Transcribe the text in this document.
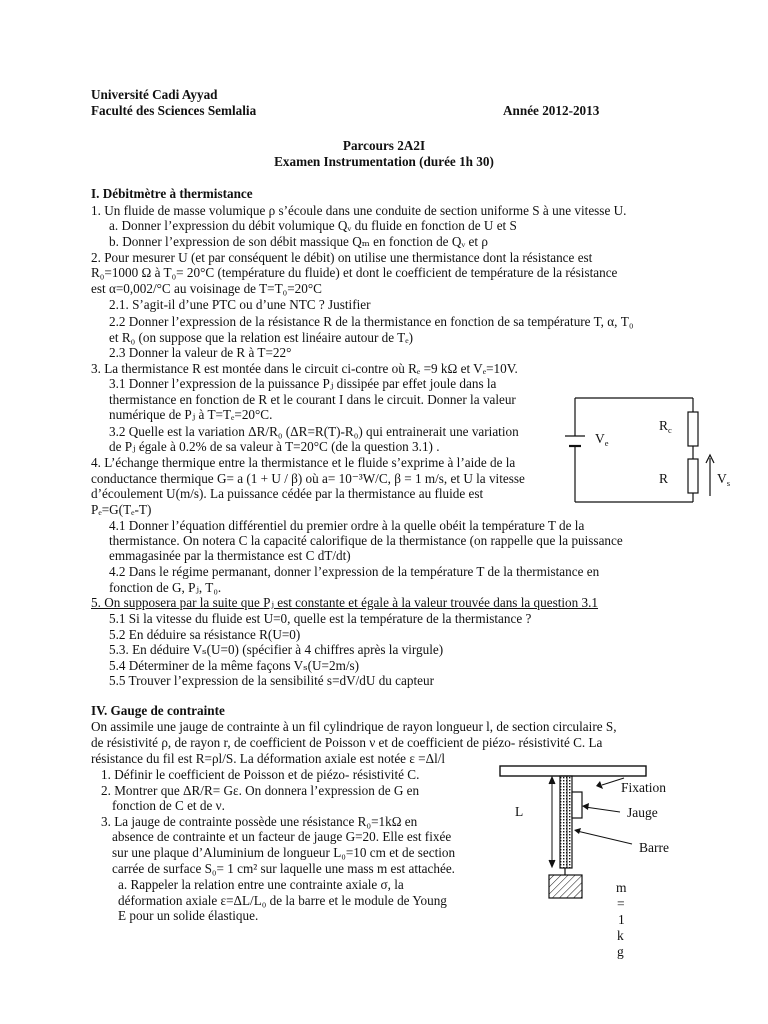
Université Cadi Ayyad
Faculté des Sciences Semlalia	Année 2012-2013
Parcours 2A2I
Examen Instrumentation (durée 1h 30)
I. Débitmètre à thermistance
1. Un fluide de masse volumique ρ s’écoule dans une conduite de section uniforme S à une vitesse U.
a. Donner l’expression du débit volumique Qᵥ du fluide en fonction de U et S
b. Donner l’expression de son débit massique Qₘ en fonction de Qᵥ et ρ
2. Pour mesurer U (et par conséquent le débit) on utilise une thermistance dont la résistance est
R₀=1000 Ω à T₀= 20°C (température du fluide) et dont le coefficient de température de la résistance
est α=0,002/°C au voisinage de T=T₀=20°C
2.1. S’agit-il d’une PTC ou d’une NTC ? Justifier
2.2 Donner l’expression de la résistance R de la thermistance en fonction de sa température T, α, T₀
et R₀ (on suppose que la relation est linéaire autour de Tₑ)
2.3 Donner la valeur de R à T=22°
3. La thermistance R est montée dans le circuit ci-contre où Rₑ =9 kΩ et Vₑ=10V.
3.1 Donner l’expression de la puissance Pⱼ dissipée par effet joule dans la
thermistance en fonction de R et le courant I dans le circuit. Donner la valeur
numérique de Pⱼ à T=Tₑ=20°C.
3.2 Quelle est la variation ΔR/R₀ (ΔR=R(T)-R₀) qui entrainerait une variation
de Pⱼ égale à 0.2% de sa valeur à T=20°C (de la question 3.1) .
4. L’échange thermique entre la thermistance et le fluide s’exprime à l’aide de la
conductance thermique G= a (1 + U / β) où a= 10⁻³W/C, β = 1 m/s, et U la vitesse
d’écoulement U(m/s). La puissance cédée par la thermistance au fluide est
Pₑ=G(Tₑ-T)
4.1 Donner l’équation différentiel du premier ordre à la quelle obéit la température T de la
thermistance. On notera C la capacité calorifique de la thermistance (on rappelle que la puissance
emmagasinée par la thermistance est C dT/dt)
4.2 Dans le régime permanant, donner l’expression de la température T de la thermistance en
fonction de G, Pⱼ, T₀.
5. On supposera par la suite que Pⱼ est constante et égale à la valeur trouvée dans la question 3.1
5.1 Si la vitesse du fluide est U=0, quelle est la température de la thermistance ?
5.2 En déduire sa résistance R(U=0)
5.3. En déduire Vₛ(U=0) (spécifier à 4 chiffres après la virgule)
5.4 Déterminer de la même façons Vₛ(U=2m/s)
5.5 Trouver l’expression de la sensibilité s=dV/dU du capteur
IV. Gauge de contrainte
On assimile une jauge de contrainte à un fil cylindrique de rayon longueur l, de section circulaire S,
de résistivité ρ, de rayon r, de coefficient de Poisson ν et de coefficient de piézo- résistivité C. La
résistance du fil est R=ρl/S. La déformation axiale est notée ε =Δl/l
1. Définir le coefficient de Poisson et de piézo- résistivité C.
2. Montrer que ΔR/R= Gε. On donnera l’expression de G en
fonction de C et de ν.
3. La jauge de contrainte possède une résistance R₀=1kΩ en
absence de contrainte et un facteur de jauge G=20. Elle est fixée
sur une plaque d’Aluminium de longueur L₀=10 cm et de section
carrée de surface S₀= 1 cm² sur laquelle une mass m est attachée.
a. Rappeler la relation entre une contrainte axiale σ, la
déformation axiale ε=ΔL/L₀ de la barre et le module de Young
E pour un solide élastique.
$V_e$
$R_c$
R	$V_s$
Fixation
L	Jauge
Barre
m
=
1
k
g
